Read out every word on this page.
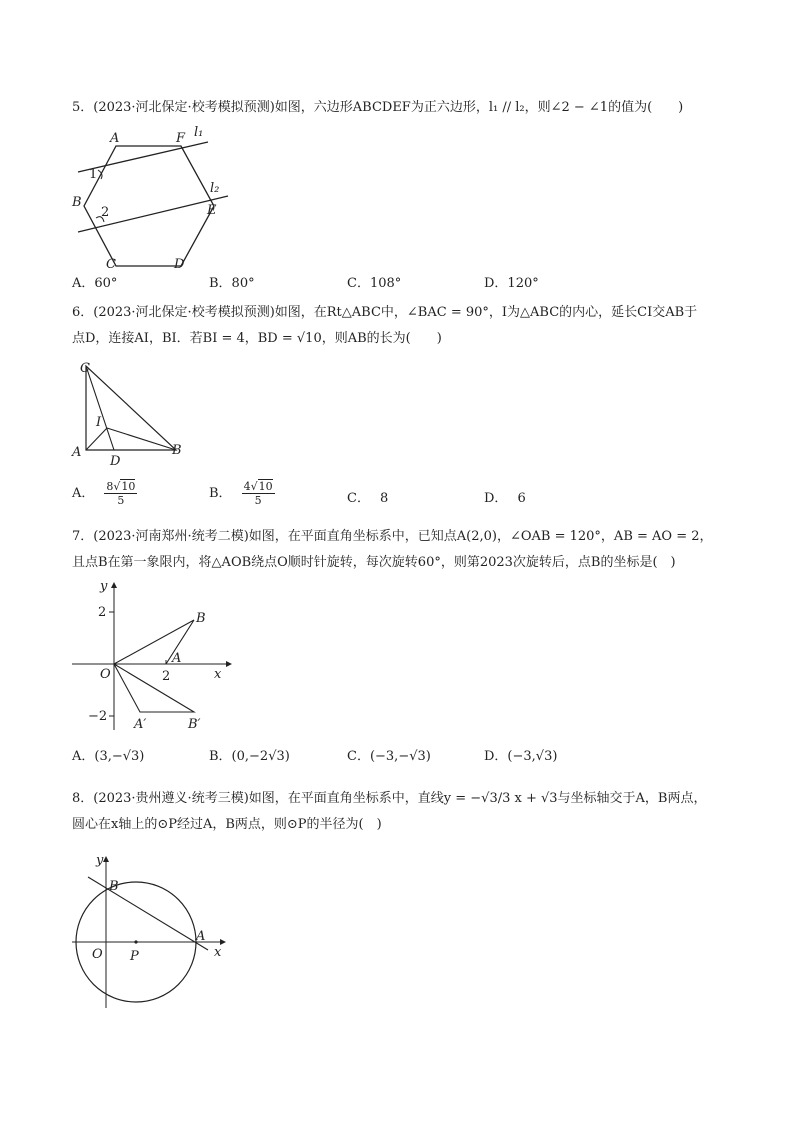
5．(2023·河北保定·校考模拟预测)如图，六边形ABCDEF为正六边形，l₁ // l₂，则∠2 − ∠1的值为(　　)

A	F l₁
1
B
2
l₂
E
C	D
A．60°	B．80°	C．108°	D．120°

6．(2023·河北保定·校考模拟预测)如图，在Rt△ABC中，∠BAC = 90°，I为△ABC的内心，延长CI交AB于

点D，连接AI，BI．若BI = 4，BD = √10，则AB的长为(　　)

C
I
A
D
B
A． $\frac{8√10}{5}$	B． $\frac{4√10}{5}$	C． 8	D． 6

7．(2023·河南郑州·统考二模)如图，在平面直角坐标系中，已知点A(2,0)，∠OAB = 120°，AB = AO = 2，

且点B在第一象限内，将△AOB绕点O顺时针旋转，每次旋转60°，则第2023次旋转后，点B的坐标是(　)

y
2
−2
O	2
A
B
x
A′	B′
A．(3,−√3)	B．(0,−2√3)	C．(−3,−√3)	D．(−3,√3)

8．(2023·贵州遵义·统考三模)如图，在平面直角坐标系中，直线y = −√3/3 x + √3与坐标轴交于A，B两点，

圆心在x轴上的⊙P经过A，B两点，则⊙P的半径为(　)

y
B
O P
A
x
